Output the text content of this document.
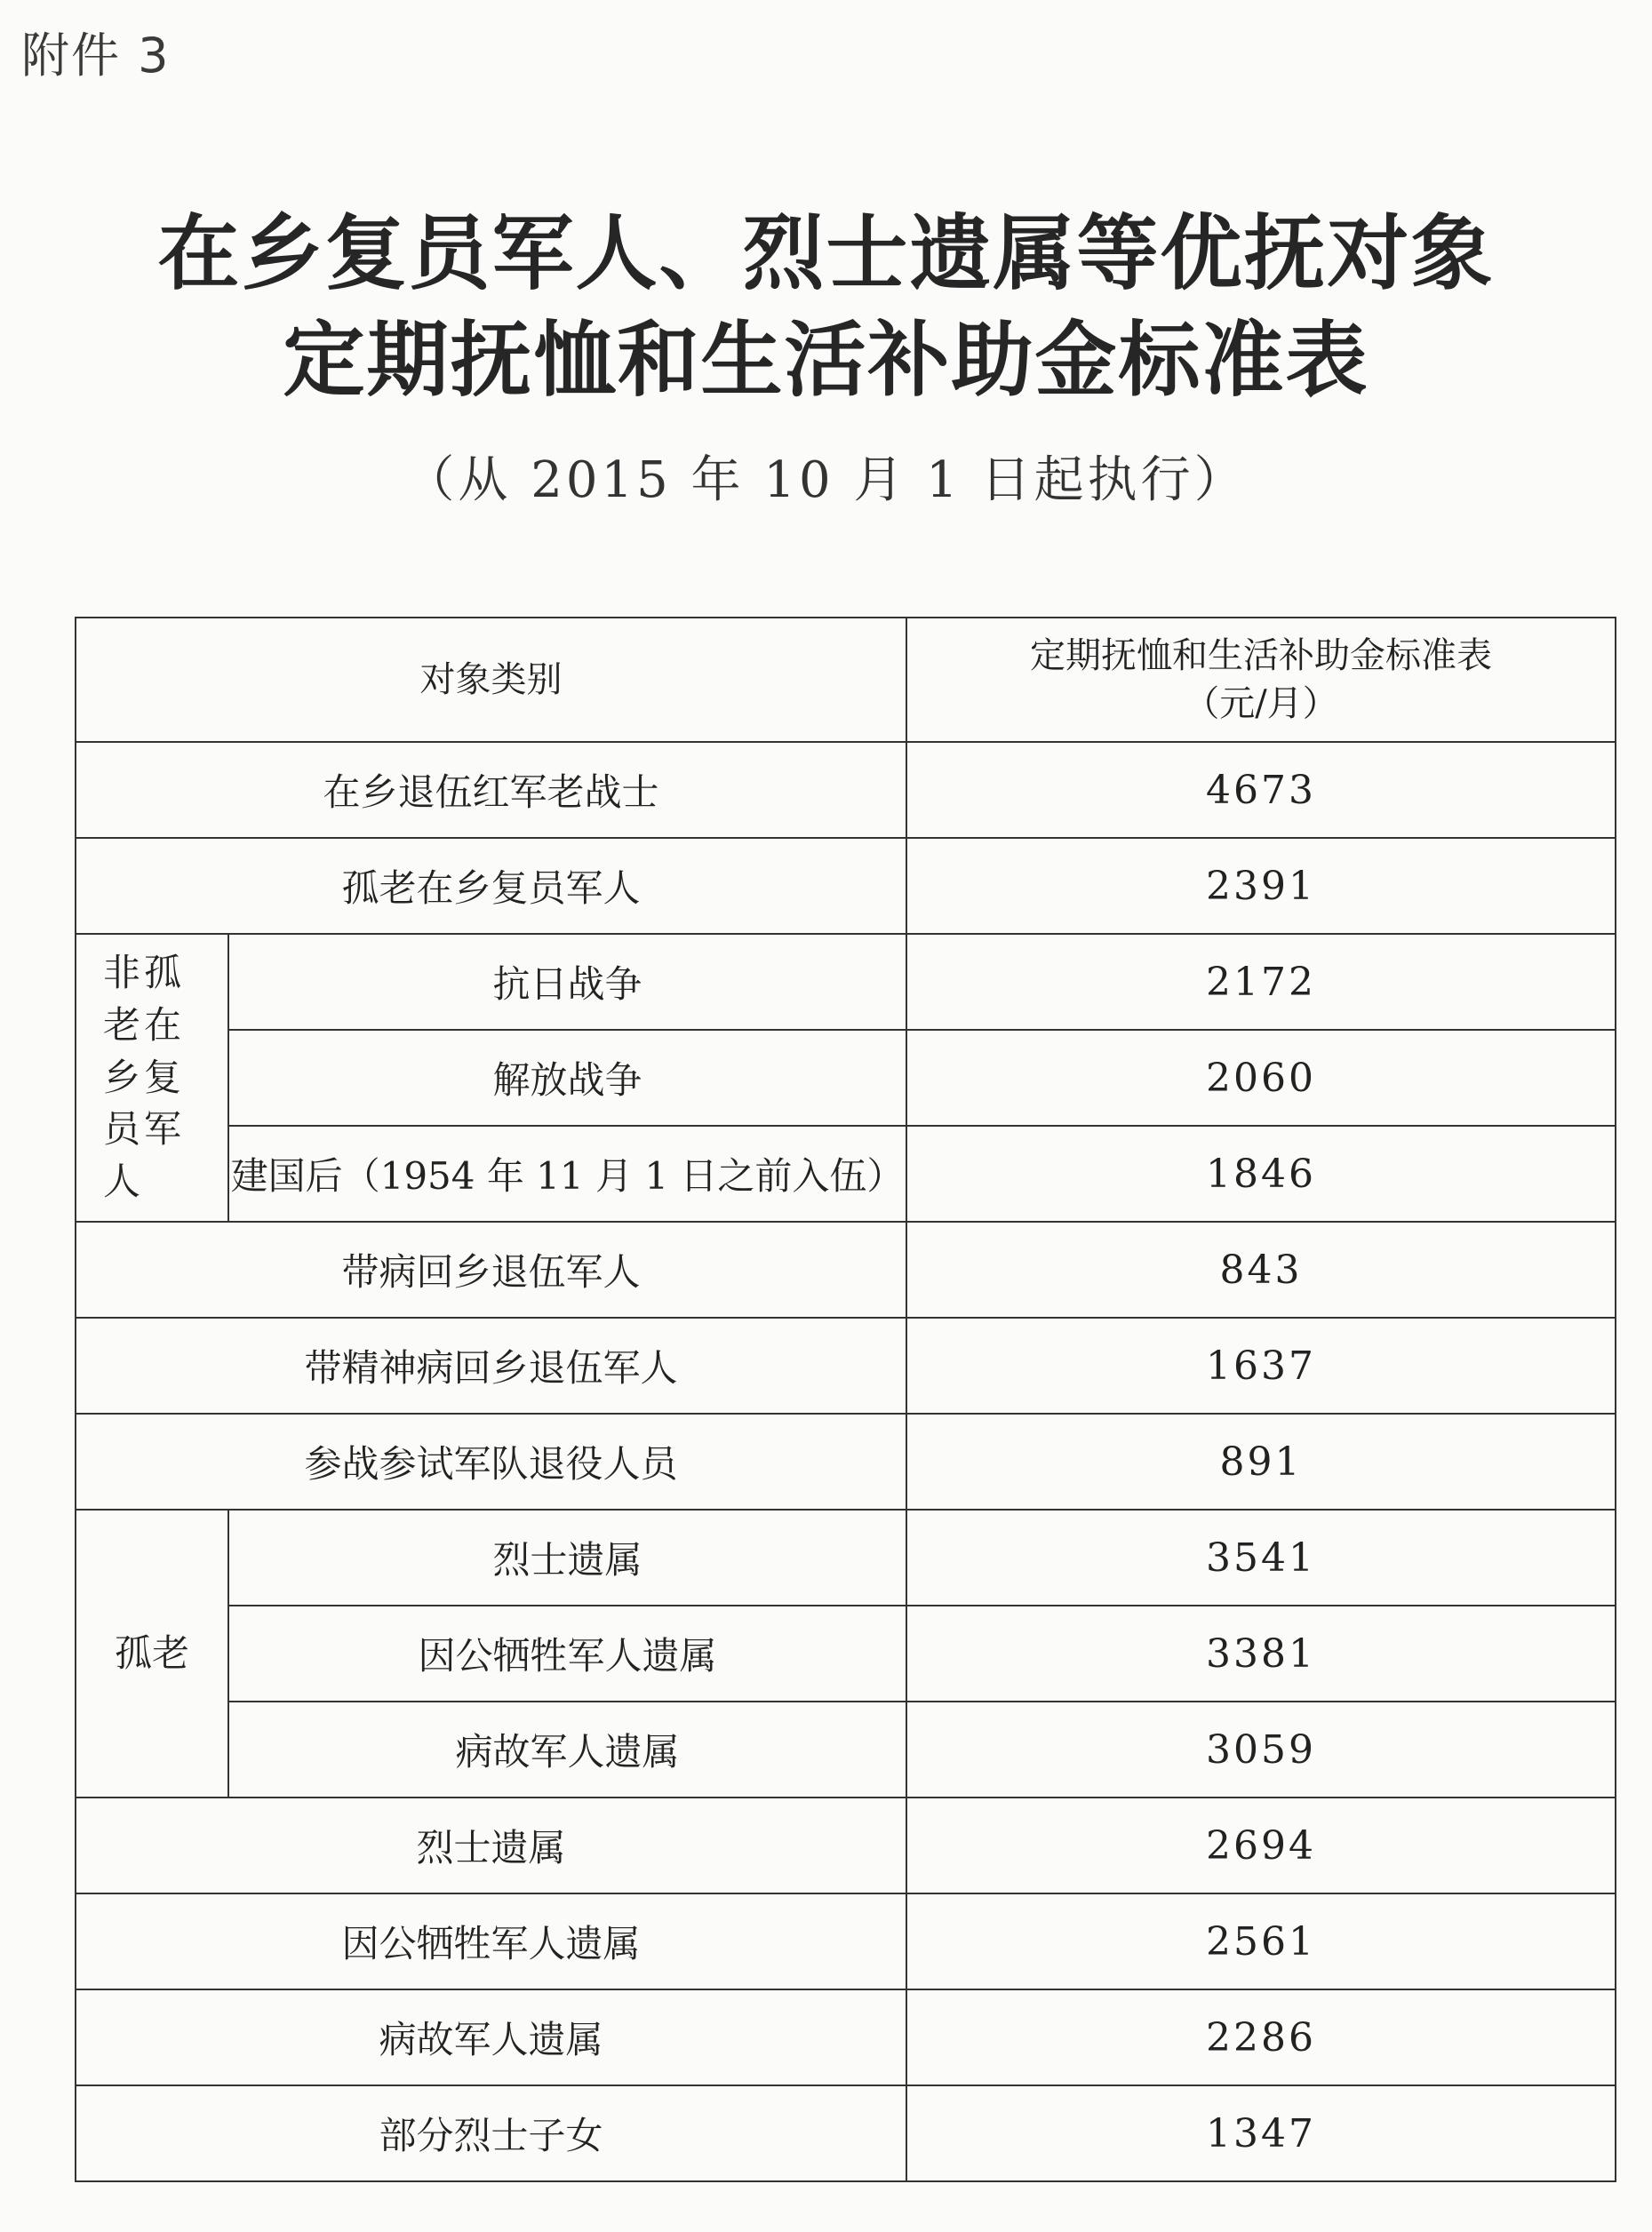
附件 3
在乡复员军人、烈士遗属等优抚对象
定期抚恤和生活补助金标准表
（从 2015 年 10 月 1 日起执行）
对象类别		定期抚恤和生活补助金标准表
（元/月）

在乡退伍红军老战士		4673
孤老在乡复员军人		2391
非孤老在乡复员军人	抗日战争	2172
	解放战争	2060
	建国后（1954 年 11 月 1 日之前入伍）	1846
带病回乡退伍军人		843
带精神病回乡退伍军人		1637
参战参试军队退役人员		891
孤老	烈士遗属	3541
	因公牺牲军人遗属	3381
	病故军人遗属	3059
烈士遗属		2694
因公牺牲军人遗属		2561
病故军人遗属		2286
部分烈士子女		1347
